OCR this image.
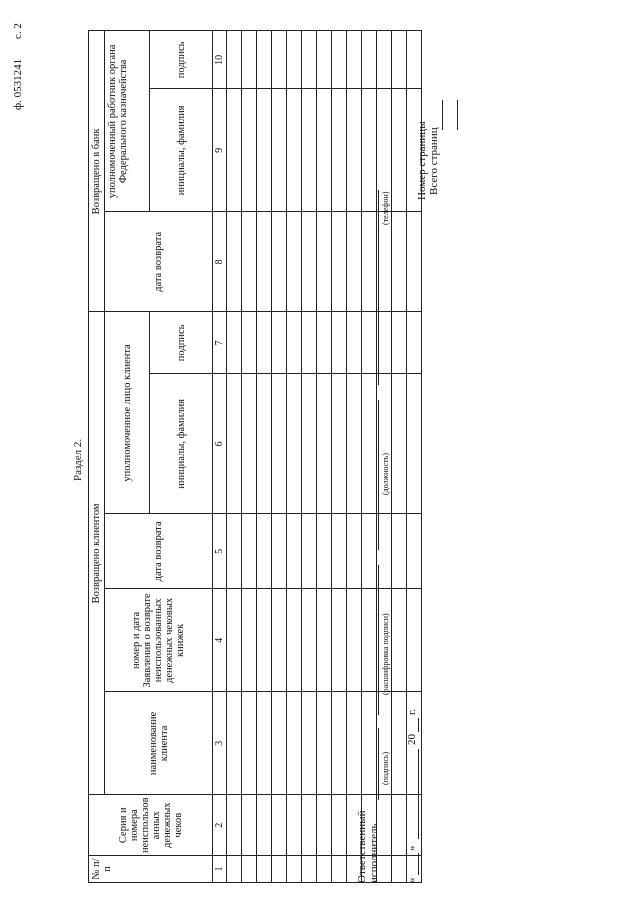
ф. 0531241
с. 2
Раздел 2.
№ п/п	Серия и номера неиспользов анных денежных чеков	Возвращено клиентом					Возвращено в банк		
		наименование клиента	номер и дата Заявления о возврате неиспользованных денежных чековых книжек	дата возврата	уполномоченное лицо клиента		дата возврата	уполномоченный работник органа Федерального казначейства	
					инициалы, фамилия	подпись		инициалы, фамилия	подпись
1	2	3	4	5	6	7	8	9	10

Ответственный исполнитель
(подпись)
(расшифровка подписи)
(должность)
(телефон)
«
»
20
г.
Номер страницы Всего страниц
